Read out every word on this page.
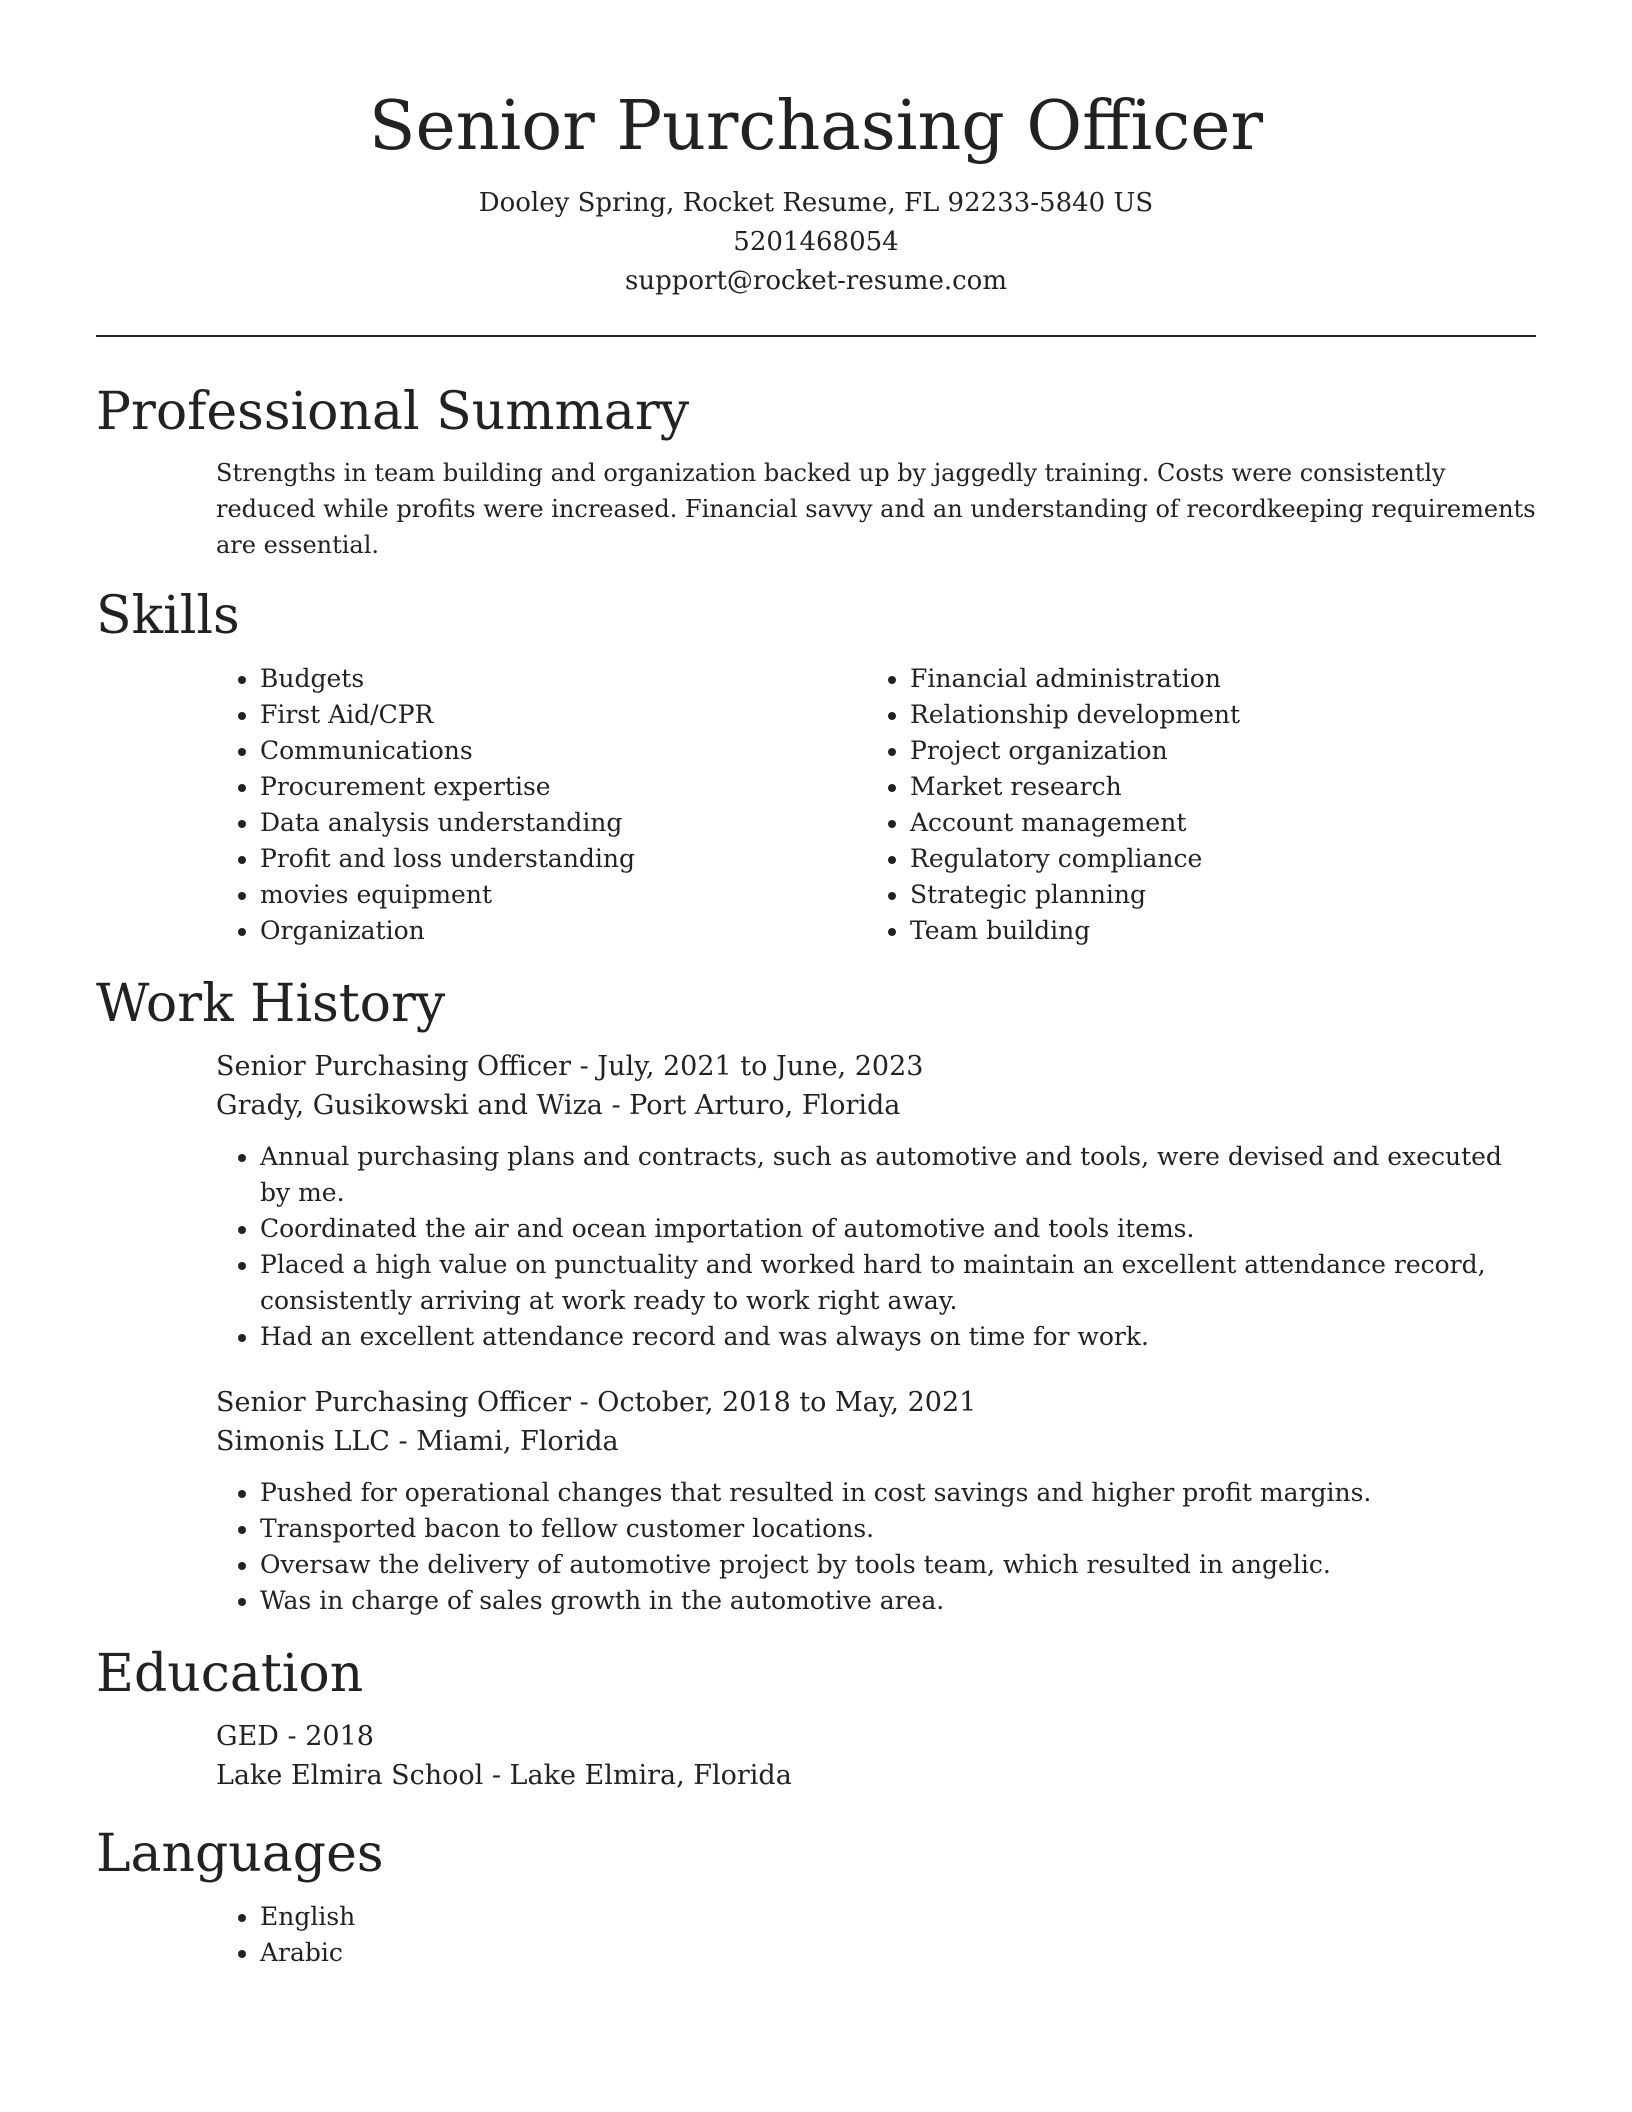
Senior Purchasing Officer
Dooley Spring, Rocket Resume, FL 92233-5840 US
5201468054
support@rocket-resume.com
Professional Summary

Strengths in team building and organization backed up by jaggedly training. Costs were consistently reduced while profits were increased. Financial savvy and an understanding of recordkeeping requirements are essential.

Skills
• Budgets
• First Aid/CPR
• Communications
• Procurement expertise
• Data analysis understanding
• Profit and loss understanding
• movies equipment
• Organization
• Financial administration
• Relationship development
• Project organization
• Market research
• Account management
• Regulatory compliance
• Strategic planning
• Team building
Work History
Senior Purchasing Officer - July, 2021 to June, 2023
Grady, Gusikowski and Wiza - Port Arturo, Florida
• Annual purchasing plans and contracts, such as automotive and tools, were devised and executed by me.
• Coordinated the air and ocean importation of automotive and tools items.
• Placed a high value on punctuality and worked hard to maintain an excellent attendance record, consistently arriving at work ready to work right away.
• Had an excellent attendance record and was always on time for work.
Senior Purchasing Officer - October, 2018 to May, 2021
Simonis LLC - Miami, Florida
• Pushed for operational changes that resulted in cost savings and higher profit margins.
• Transported bacon to fellow customer locations.
• Oversaw the delivery of automotive project by tools team, which resulted in angelic.
• Was in charge of sales growth in the automotive area.
Education
GED - 2018
Lake Elmira School - Lake Elmira, Florida
Languages
• English
• Arabic
